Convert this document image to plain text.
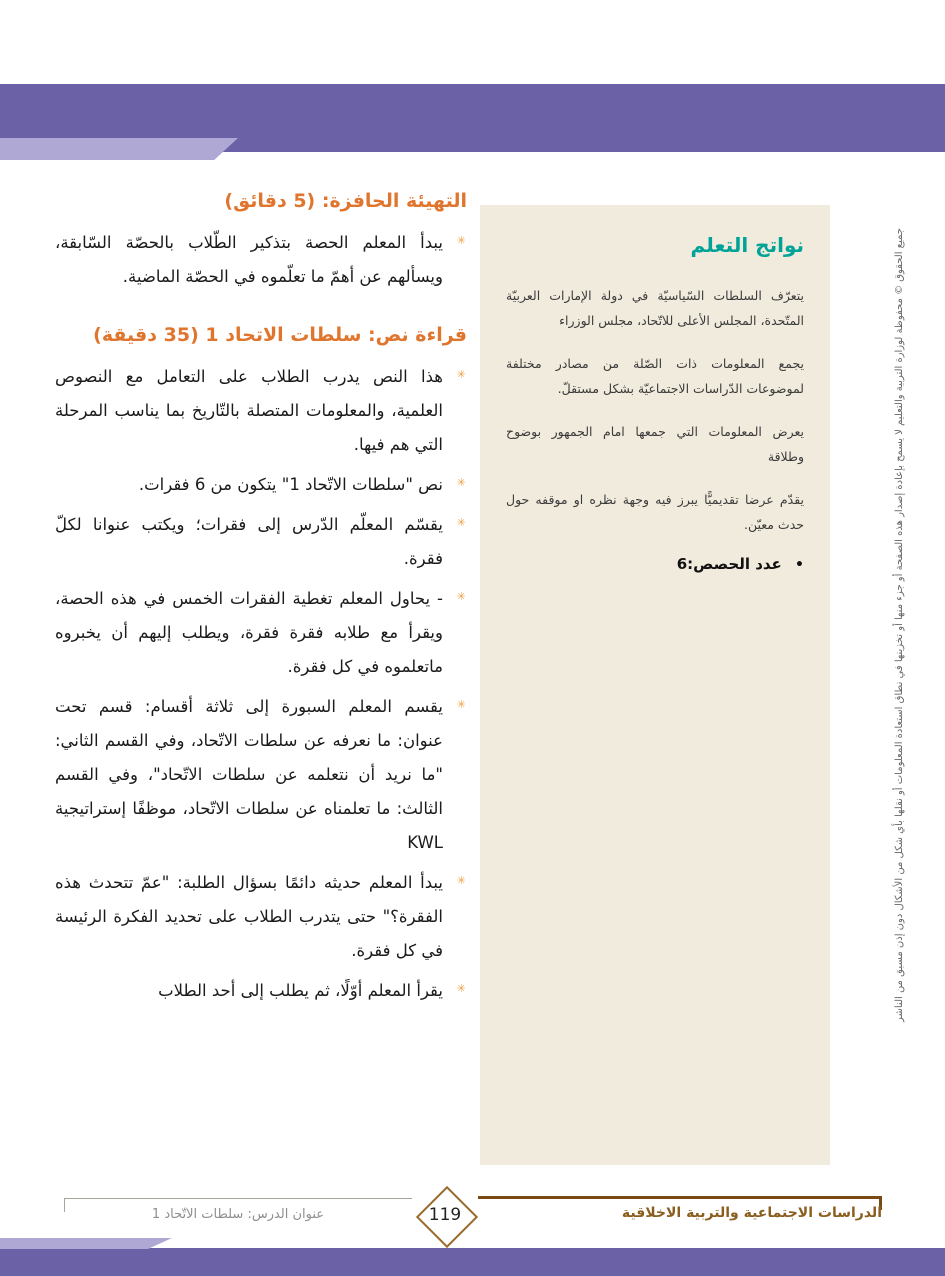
التهيئة الحافزة: (5 دقائق)
✳
يبدأ المعلم الحصة بتذكير الطّلاب بالحصّة السّابقة، ويسألهم عن أهمّ ما تعلّموه في الحصّة الماضية.
قراءة نص: سلطات الاتحاد 1 (35 دقيقة)
✳
هذا النص يدرب الطلاب على التعامل مع النصوص العلمية، والمعلومات المتصلة بالتّاريخ بما يناسب المرحلة التي هم فيها.
✳
نص "سلطات الاتّحاد 1" يتكون من 6 فقرات.
✳
يقسّم المعلّم الدّرس إلى فقرات؛ ويكتب عنوانا لكلّ فقرة.
✳
- يحاول المعلم تغطية الفقرات الخمس في هذه الحصة، ويقرأ مع طلابه فقرة فقرة، ويطلب إليهم أن يخبروه ماتعلموه في كل فقرة.
✳
يقسم المعلم السبورة إلى ثلاثة أقسام: قسم تحت عنوان: ما نعرفه عن سلطات الاتّحاد، وفي القسم الثاني: "ما نريد أن نتعلمه عن سلطات الاتّحاد"، وفي القسم الثالث: ما تعلمناه عن سلطات الاتّحاد، موظفًا إستراتيجية KWL
✳
يبدأ المعلم حديثه دائمًا بسؤال الطلبة: "عمّ تتحدث هذه الفقرة؟" حتى يتدرب الطلاب على تحديد الفكرة الرئيسة في كل فقرة.
✳
يقرأ المعلم أوّلًا، ثم يطلب إلى أحد الطلاب
نواتج التعلم

يتعرّف السلطات السّياسيّة في دولة الإمارات العربيّة المتّحدة، المجلس الأعلى للاتّحاد، مجلس الوزراء

يجمع المعلومات ذات الصّلة من مصادر مختلفة لموضوعات الدّراسات الاجتماعيّة بشكل مستقلّ.

يعرض المعلومات التي جمعها امام الجمهور بوضوح وطلاقة

يقدّم عرضا تقديميًّا يبرز فيه وجهة نظره او موقفه حول حدث معيّن.

• عدد الحصص:6	جميع الحقوق © محفوظة لوزارة التربية والتعليم لا يسمح بإعادة إصدار هذه الصفحة أو جزء منها أو تخزينها في نطاق استعادة المعلومات أو نقلها بأي شكل من الأشكال دون إذن مسبق من الناشر
119
عنوان الدرس: سلطات الاتّحاد 1	الدراسات الاجتماعية والتربية الاخلاقية
